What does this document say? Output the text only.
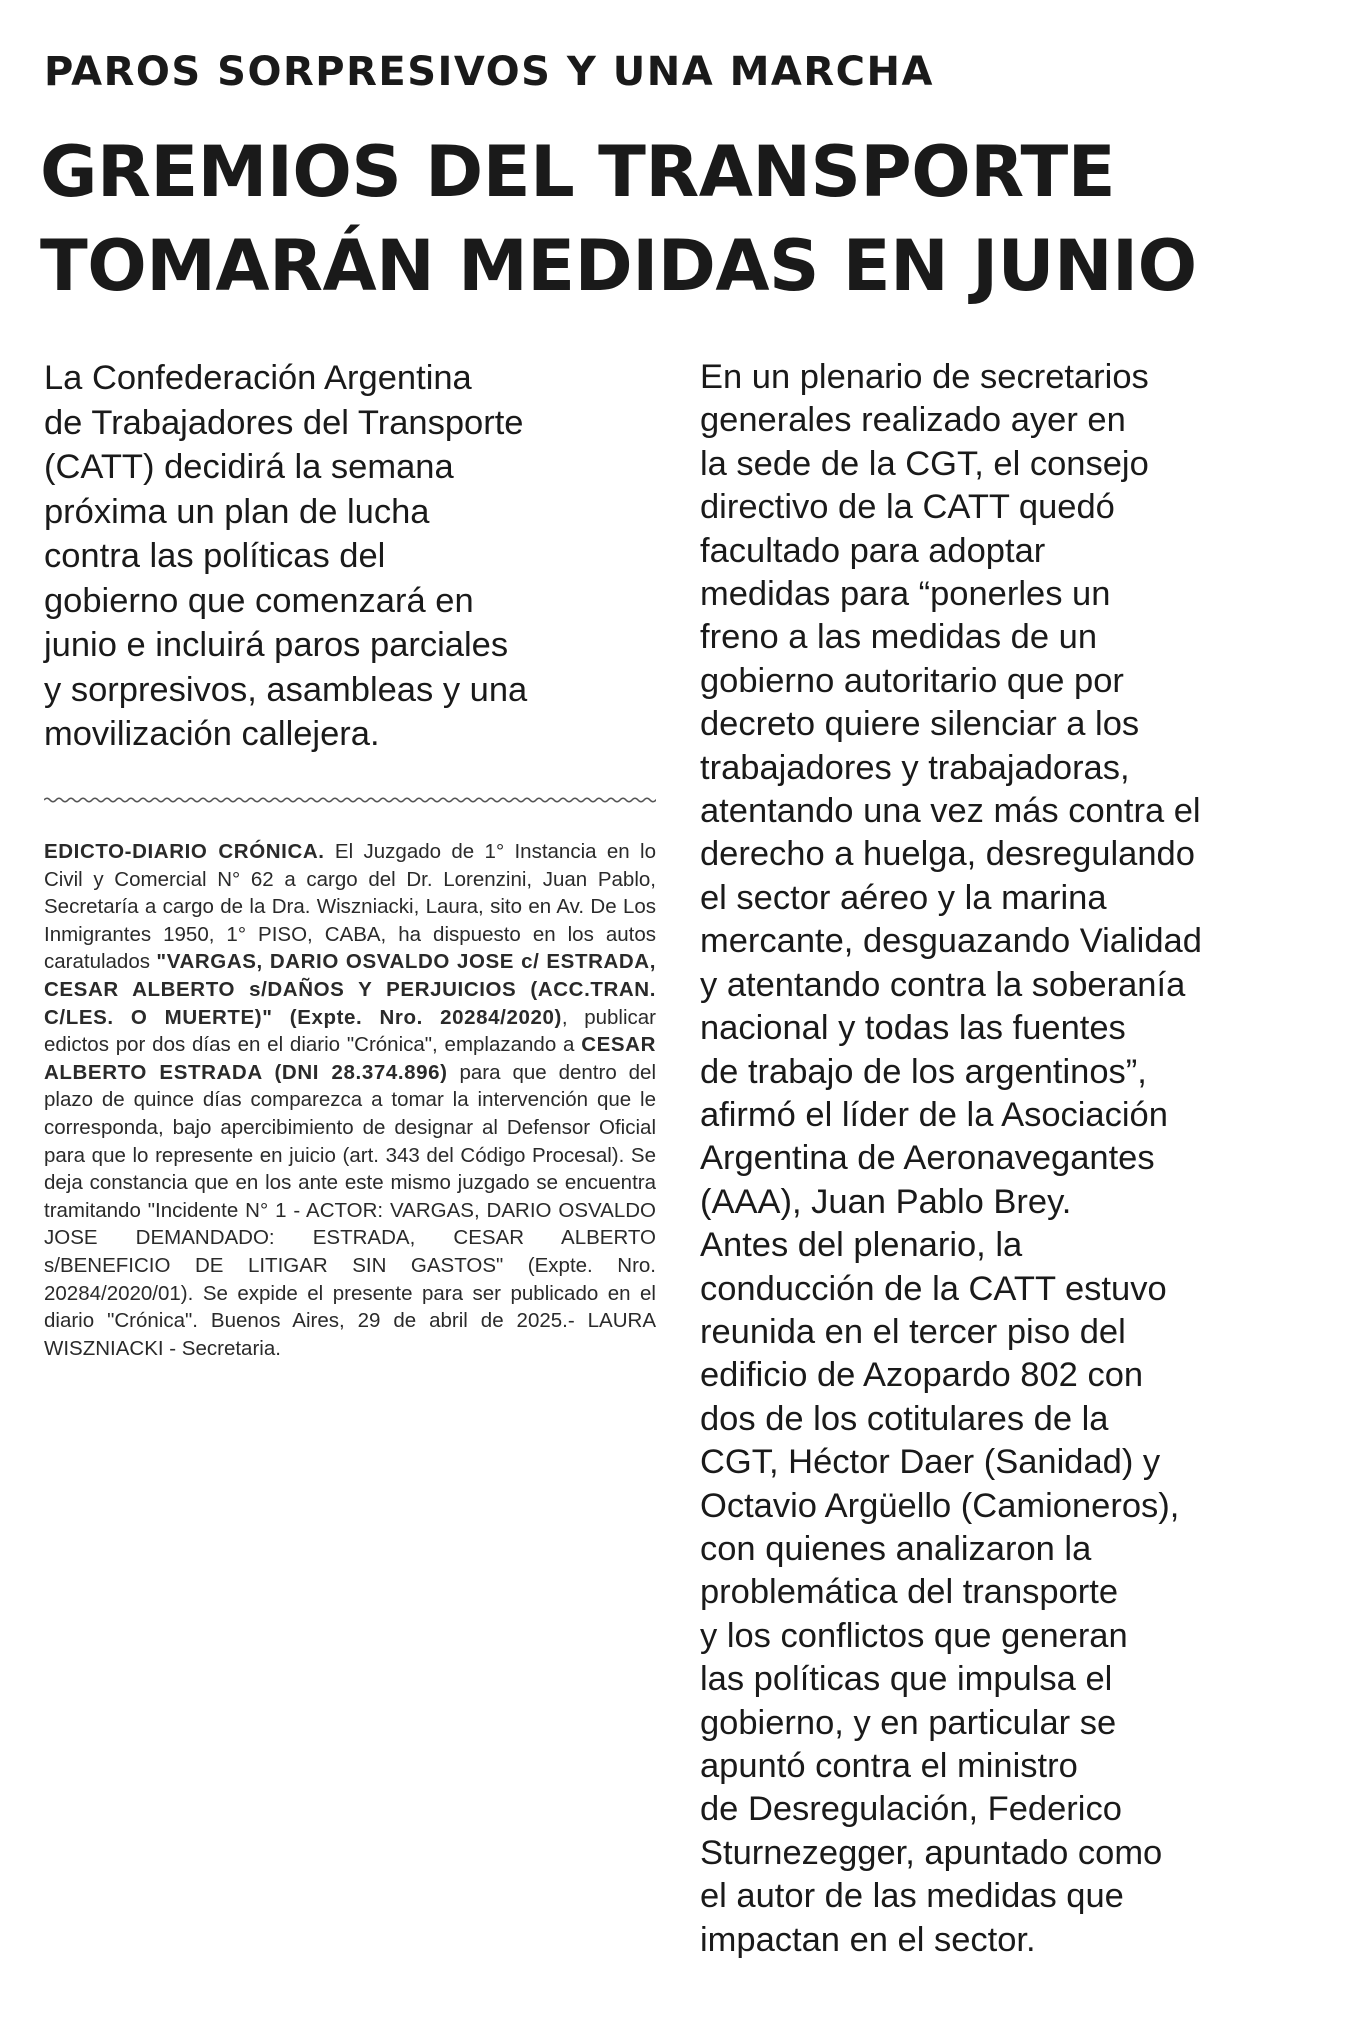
PAROS SORPRESIVOS Y UNA MARCHA
GREMIOS DEL TRANSPORTE
TOMARÁN MEDIDAS EN JUNIO

La Confederación Argentina
de Trabajadores del Transporte
(CATT) decidirá la semana
próxima un plan de lucha
contra las políticas del
gobierno que comenzará en
junio e incluirá paros parciales
y sorpresivos, asambleas y una
movilización callejera.

EDICTO-DIARIO CRÓNICA. El Juzgado de 1° Instancia en lo Civil y Comercial N° 62 a cargo del Dr. Lorenzini, Juan Pablo, Secretaría a cargo de la Dra. Wiszniacki, Laura, sito en Av. De Los Inmigrantes 1950, 1° PISO, CABA, ha dispuesto en los autos caratulados "VARGAS, DARIO OSVALDO JOSE c/ ESTRADA, CESAR ALBERTO s/DAÑOS Y PERJUICIOS (ACC.TRAN. C/LES. O MUERTE)" (Expte. Nro. 20284/2020), publicar edictos por dos días en el diario "Crónica", emplazando a CESAR ALBERTO ESTRADA (DNI 28.374.896) para que dentro del plazo de quince días comparezca a tomar la intervención que le corresponda, bajo apercibimiento de designar al Defensor Oficial para que lo represente en juicio (art. 343 del Código Procesal). Se deja constancia que en los ante este mismo juzgado se encuentra tramitando "Incidente N° 1 - ACTOR: VARGAS, DARIO OSVALDO JOSE DEMANDADO: ESTRADA, CESAR ALBERTO s/BENEFICIO DE LITIGAR SIN GASTOS" (Expte. Nro. 20284/2020/01). Se expide el presente para ser publicado en el diario "Crónica". Buenos Aires, 29 de abril de 2025.- LAURA WISZNIACKI - Secretaria.

En un plenario de secretarios
generales realizado ayer en
la sede de la CGT, el consejo
directivo de la CATT quedó
facultado para adoptar
medidas para “ponerles un
freno a las medidas de un
gobierno autoritario que por
decreto quiere silenciar a los
trabajadores y trabajadoras,
atentando una vez más contra el
derecho a huelga, desregulando
el sector aéreo y la marina
mercante, desguazando Vialidad
y atentando contra la soberanía
nacional y todas las fuentes
de trabajo de los argentinos”,
afirmó el líder de la Asociación
Argentina de Aeronavegantes
(AAA), Juan Pablo Brey.
Antes del plenario, la
conducción de la CATT estuvo
reunida en el tercer piso del
edificio de Azopardo 802 con
dos de los cotitulares de la
CGT, Héctor Daer (Sanidad) y
Octavio Argüello (Camioneros),
con quienes analizaron la
problemática del transporte
y los conflictos que generan
las políticas que impulsa el
gobierno, y en particular se
apuntó contra el ministro
de Desregulación, Federico
Sturnezegger, apuntado como
el autor de las medidas que
impactan en el sector.
